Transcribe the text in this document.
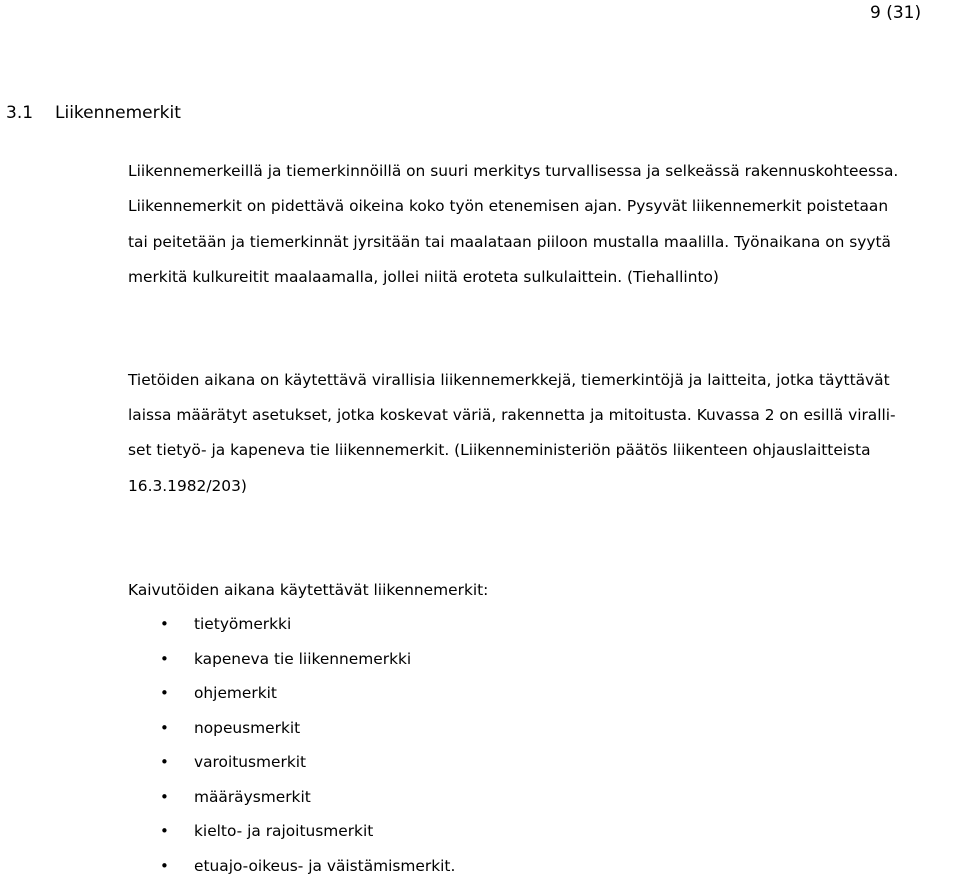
9 (31)
3.1 Liikennemerkit
Liikennemerkeillä ja tiemerkinnöillä on suuri merkitys turvallisessa ja selkeässä rakennuskohteessa.
Liikennemerkit on pidettävä oikeina koko työn etenemisen ajan. Pysyvät liikennemerkit poistetaan
tai peitetään ja tiemerkinnät jyrsitään tai maalataan piiloon mustalla maalilla. Työnaikana on syytä
merkitä kulkureitit maalaamalla, jollei niitä eroteta sulkulaittein. (Tiehallinto)
Tietöiden aikana on käytettävä virallisia liikennemerkkejä, tiemerkintöjä ja laitteita, jotka täyttävät
laissa määrätyt asetukset, jotka koskevat väriä, rakennetta ja mitoitusta. Kuvassa 2 on esillä viralli-
set tietyö- ja kapeneva tie liikennemerkit. (Liikenneministeriön päätös liikenteen ohjauslaitteista
16.3.1982/203)
Kaivutöiden aikana käytettävät liikennemerkit:
• tietyömerkki
• kapeneva tie liikennemerkki
• ohjemerkit
• nopeusmerkit
• varoitusmerkit
• määräysmerkit
• kielto- ja rajoitusmerkit
• etuajo-oikeus- ja väistämismerkit.
